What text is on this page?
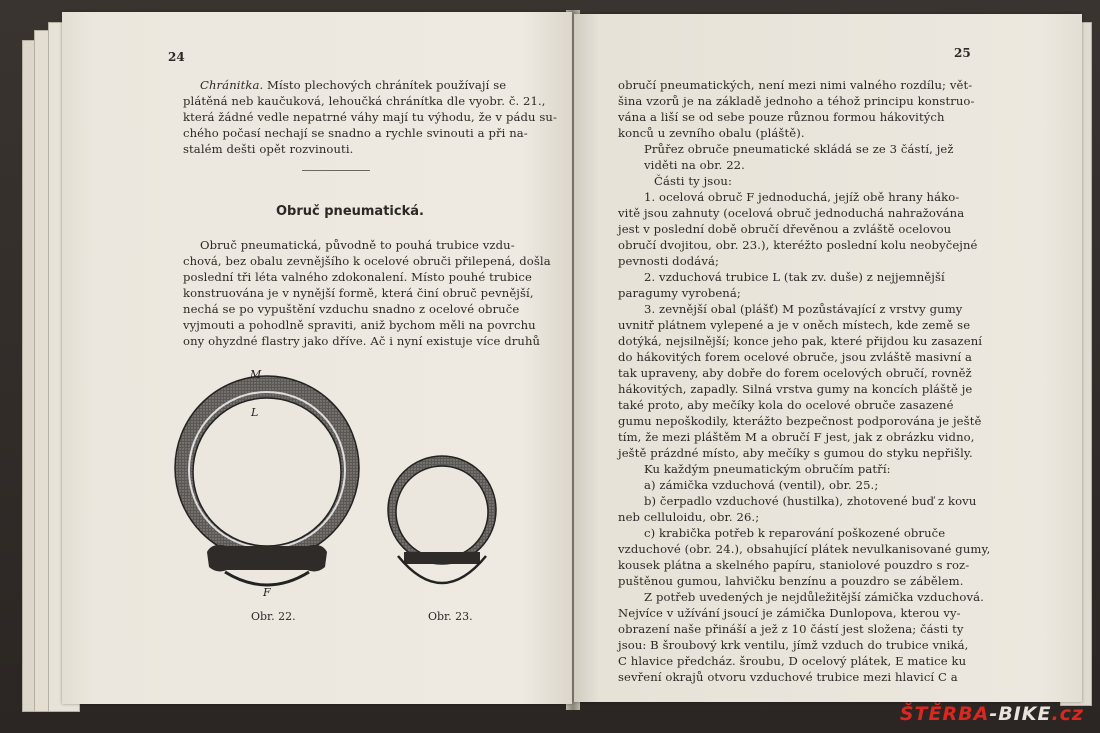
24
Chránitka. Místo plechových chránítek používají se
plátěná neb kaučuková, lehoučká chránítka dle vyobr. č. 21.,
která žádné vedle nepatrné váhy mají tu výhodu, že v pádu su-
chého počasí nechají se snadno a rychle svinouti a při na-
stalém dešti opět rozvinouti.
Obruč pneumatická.
Obruč pneumatická, původně to pouhá trubice vzdu-
chová, bez obalu zevnějšího k ocelové obruči přilepená, došla
poslední tři léta valného zdokonalení. Místo pouhé trubice
konstruována je v nynější formě, která činí obruč pevnější,
nechá se po vypuštění vzduchu snadno z ocelové obruče
vyjmouti a pohodlně spraviti, aniž bychom měli na povrchu
ony ohyzdné flastry jako dříve. Ač i nyní existuje více druhů
M
L
F
Obr. 22.	Obr. 23.
25
obručí pneumatických, není mezi nimi valného rozdílu; vět-
šina vzorů je na základě jednoho a téhož principu konstruo-
vána a liší se od sebe pouze různou formou hákovitých
konců u zevního obalu (pláště).
Průřez obruče pneumatické skládá se ze 3 částí, jež
viděti na obr. 22.
Části ty jsou:
1. ocelová obruč F jednoduchá, jejíž obě hrany háko-
vitě jsou zahnuty (ocelová obruč jednoduchá nahražována
jest v poslední době obručí dřevěnou a zvláště ocelovou
obručí dvojitou, obr. 23.), kteréžto poslední kolu neobyčejné
pevnosti dodává;
2. vzduchová trubice L (tak zv. duše) z nejjemnější
paragumy vyrobená;
3. zevnější obal (plášť) M pozůstávající z vrstvy gumy
uvnitř plátnem vylepené a je v oněch místech, kde země se
dotýká, nejsilnější; konce jeho pak, které přijdou ku zasazení
do hákovitých forem ocelové obruče, jsou zvláště masivní a
tak upraveny, aby dobře do forem ocelových obručí, rovněž
hákovitých, zapadly. Silná vrstva gumy na koncích pláště je
také proto, aby mečíky kola do ocelové obruče zasazené
gumu nepoškodily, kterážto bezpečnost podporována je ještě
tím, že mezi pláštěm M a obručí F jest, jak z obrázku vidno,
ještě prázdné místo, aby mečíky s gumou do styku nepřišly.
Ku každým pneumatickým obručím patří:
a) zámička vzduchová (ventil), obr. 25.;
b) čerpadlo vzduchové (hustilka), zhotovené buď z kovu
neb celluloidu, obr. 26.;
c) krabička potřeb k reparování poškozené obruče
vzduchové (obr. 24.), obsahující plátek nevulkanisované gumy,
kousek plátna a skelného papíru, staniolové pouzdro s roz-
puštěnou gumou, lahvičku benzínu a pouzdro se zábělem.
Z potřeb uvedených je nejdůležitější zámička vzduchová.
Nejvíce v užívání jsoucí je zámička Dunlopova, kterou vy-
obrazení naše přináší a jež z 10 částí jest složena; části ty
jsou: B šroubový krk ventilu, jímž vzduch do trubice vniká,
C hlavice předcház. šroubu, D ocelový plátek, E matice ku
sevření okrajů otvoru vzduchové trubice mezi hlavicí C a
ŠTĚRBA-BIKE.cz
